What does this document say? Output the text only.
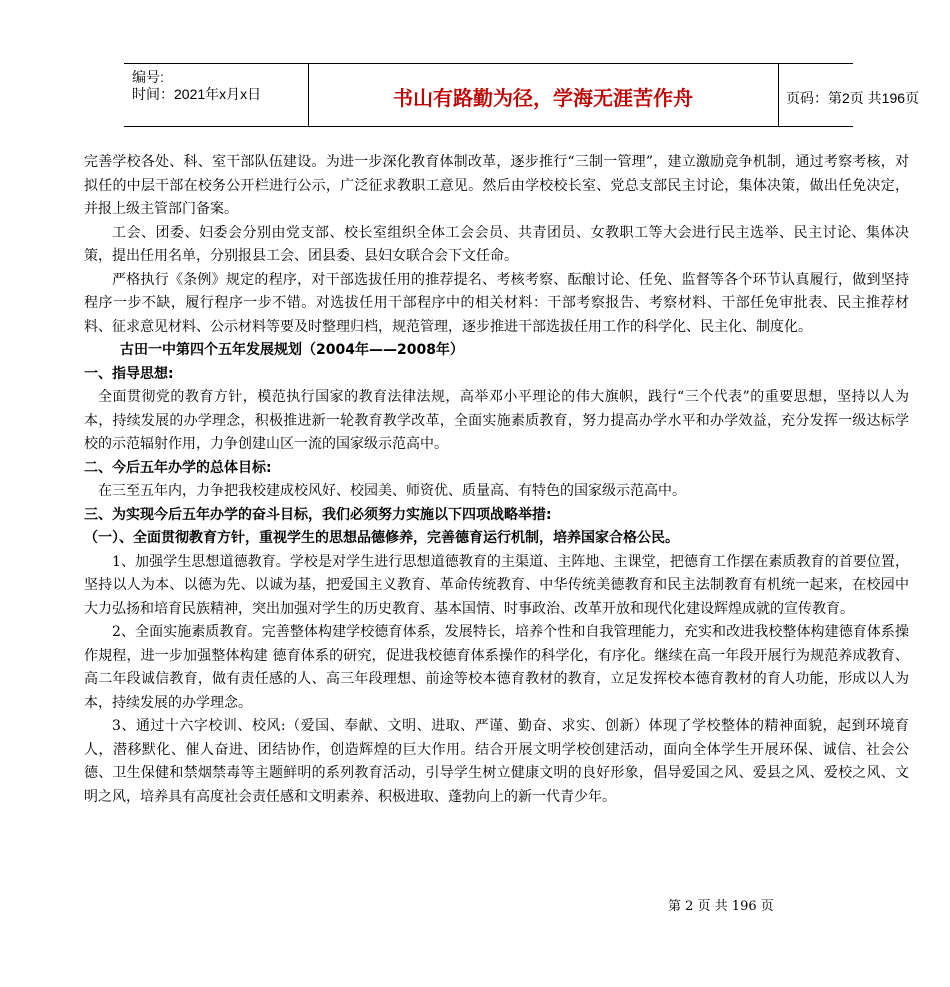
编号:
时间：2021年x月x日	书山有路勤为径，学海无涯苦作舟	页码：第2页 共196页

完善学校各处、科、室干部队伍建设。为进一步深化教育体制改革，逐步推行“三制一管理”，建立激励竞争机制，通过考察考核，对拟任的中层干部在校务公开栏进行公示，广泛征求教职工意见。然后由学校校长室、党总支部民主讨论，集体决策，做出任免决定，并报上级主管部门备案。

工会、团委、妇委会分别由党支部、校长室组织全体工会会员、共青团员、女教职工等大会进行民主选举、民主讨论、集体决策，提出任用名单，分别报县工会、团县委、县妇女联合会下文任命。

严格执行《条例》规定的程序，对干部选拔任用的推荐提名、考核考察、酝酿讨论、任免、监督等各个环节认真履行，做到坚持程序一步不缺，履行程序一步不错。对选拔任用干部程序中的相关材料：干部考察报告、考察材料、干部任免审批表、民主推荐材料、征求意见材料、公示材料等要及时整理归档，规范管理，逐步推进干部选拔任用工作的科学化、民主化、制度化。

古田一中第四个五年发展规划（2004年——2008年）

一、指导思想:

全面贯彻党的教育方针，模范执行国家的教育法律法规，高举邓小平理论的伟大旗帜，践行“三个代表”的重要思想，坚持以人为本，持续发展的办学理念，积极推进新一轮教育教学改革，全面实施素质教育，努力提高办学水平和办学效益，充分发挥一级达标学校的示范辐射作用，力争创建山区一流的国家级示范高中。

二、今后五年办学的总体目标:

在三至五年内，力争把我校建成校风好、校园美、师资优、质量高、有特色的国家级示范高中。

三、为实现今后五年办学的奋斗目标，我们必须努力实施以下四项战略举措:

（一）、全面贯彻教育方针，重视学生的思想品德修养，完善德育运行机制，培养国家合格公民。

1、加强学生思想道德教育。学校是对学生进行思想道德教育的主渠道、主阵地、主课堂，把德育工作摆在素质教育的首要位置，坚持以人为本、以德为先、以诚为基，把爱国主义教育、革命传统教育、中华传统美德教育和民主法制教育有机统一起来，在校园中大力弘扬和培育民族精神，突出加强对学生的历史教育、基本国情、时事政治、改革开放和现代化建设辉煌成就的宣传教育。

2、全面实施素质教育。完善整体构建学校德育体系，发展特长，培养个性和自我管理能力，充实和改进我校整体构建德育体系操作規程，进一步加强整体构建 德育体系的研究，促进我校德育体系操作的科学化，有序化。继续在高一年段开展行为规范养成教育、高二年段诚信教育，做有责任感的人、高三年段理想、前途等校本德育教材的教育，立足发挥校本德育教材的育人功能，形成以人为本，持续发展的办学理念。

3、通过十六字校训、校风:（爱国、奉献、文明、进取、严谨、勤奋、求实、创新）体现了学校整体的精神面貌，起到环境育人，潜移默化、催人奋进、团结协作，创造辉煌的巨大作用。结合开展文明学校创建活动，面向全体学生开展环保、诚信、社会公德、卫生保健和禁烟禁毒等主题鲜明的系列教育活动，引导学生树立健康文明的良好形象，倡导爱国之风、爱县之风、爱校之风、文明之风，培养具有高度社会责任感和文明素养、积极进取、蓬勃向上的新一代青少年。

第 2 页 共 196 页
